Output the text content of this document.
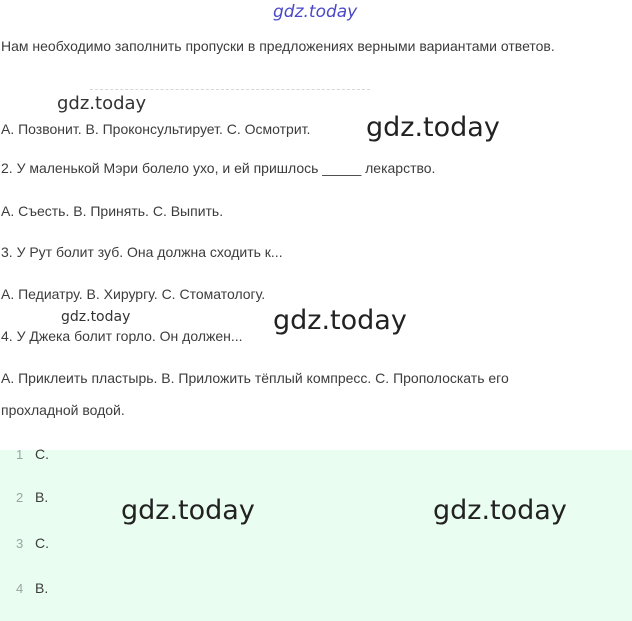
gdz.today
Нам необходимо заполнить пропуски в предложениях верными вариантами ответов.
gdz.today
A. Позвонит. B. Проконсультирует. C. Осмотрит. gdz.today
2. У маленькой Мэри болело ухо, и ей пришлось _____ лекарство.
A. Съесть. B. Принять. C. Выпить.
3. У Рут болит зуб. Она должна сходить к...
A. Педиатру. B. Хирургу. C. Стоматологу.
gdz.today
4. У Джека болит горло. Он должен... gdz.today
A. Приклеить пластырь. B. Приложить тёплый компресс. C. Прополоскать его
прохладной водой.
1 C.
2 B.
3 C.
4 B.
gdz.today	gdz.today
